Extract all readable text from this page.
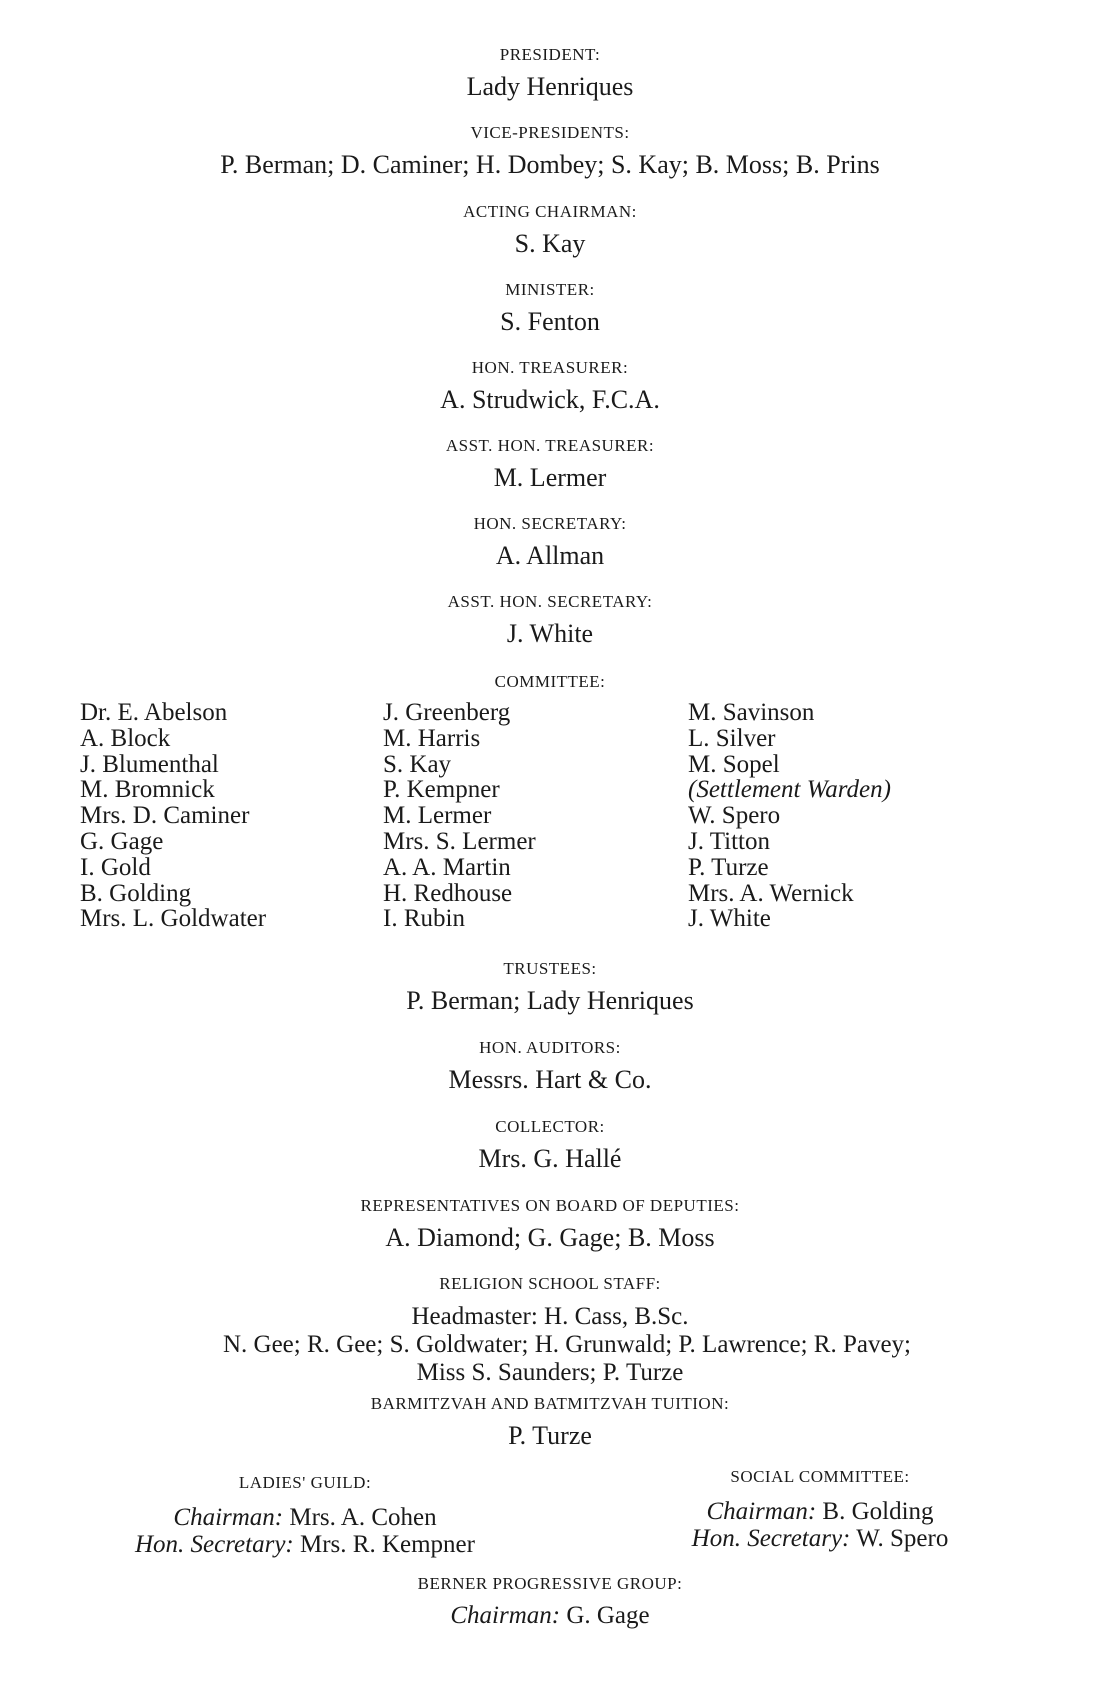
PRESIDENT:
Lady Henriques
VICE-PRESIDENTS:
P. Berman; D. Caminer; H. Dombey; S. Kay; B. Moss; B. Prins
ACTING CHAIRMAN:
S. Kay
MINISTER:
S. Fenton
HON. TREASURER:
A. Strudwick, F.C.A.
ASST. HON. TREASURER:
M. Lermer
HON. SECRETARY:
A. Allman
ASST. HON. SECRETARY:
J. White
COMMITTEE:
Dr. E. Abelson
A. Block
J. Blumenthal
M. Bromnick
Mrs. D. Caminer
G. Gage
I. Gold
B. Golding
Mrs. L. Goldwater
J. Greenberg
M. Harris
S. Kay
P. Kempner
M. Lermer
Mrs. S. Lermer
A. A. Martin
H. Redhouse
I. Rubin
M. Savinson
L. Silver
M. Sopel
(Settlement Warden)
W. Spero
J. Titton
P. Turze
Mrs. A. Wernick
J. White
TRUSTEES:
P. Berman; Lady Henriques
HON. AUDITORS:
Messrs. Hart & Co.
COLLECTOR:
Mrs. G. Hallé
REPRESENTATIVES ON BOARD OF DEPUTIES:
A. Diamond; G. Gage; B. Moss
RELIGION SCHOOL STAFF:
Headmaster: H. Cass, B.Sc.
N. Gee; R. Gee; S. Goldwater; H. Grunwald; P. Lawrence; R. Pavey;
Miss S. Saunders; P. Turze
BARMITZVAH AND BATMITZVAH TUITION:
P. Turze
LADIES' GUILD:
Chairman: Mrs. A. Cohen
Hon. Secretary: Mrs. R. Kempner
SOCIAL COMMITTEE:
Chairman: B. Golding
Hon. Secretary: W. Spero
BERNER PROGRESSIVE GROUP:
Chairman: G. Gage
